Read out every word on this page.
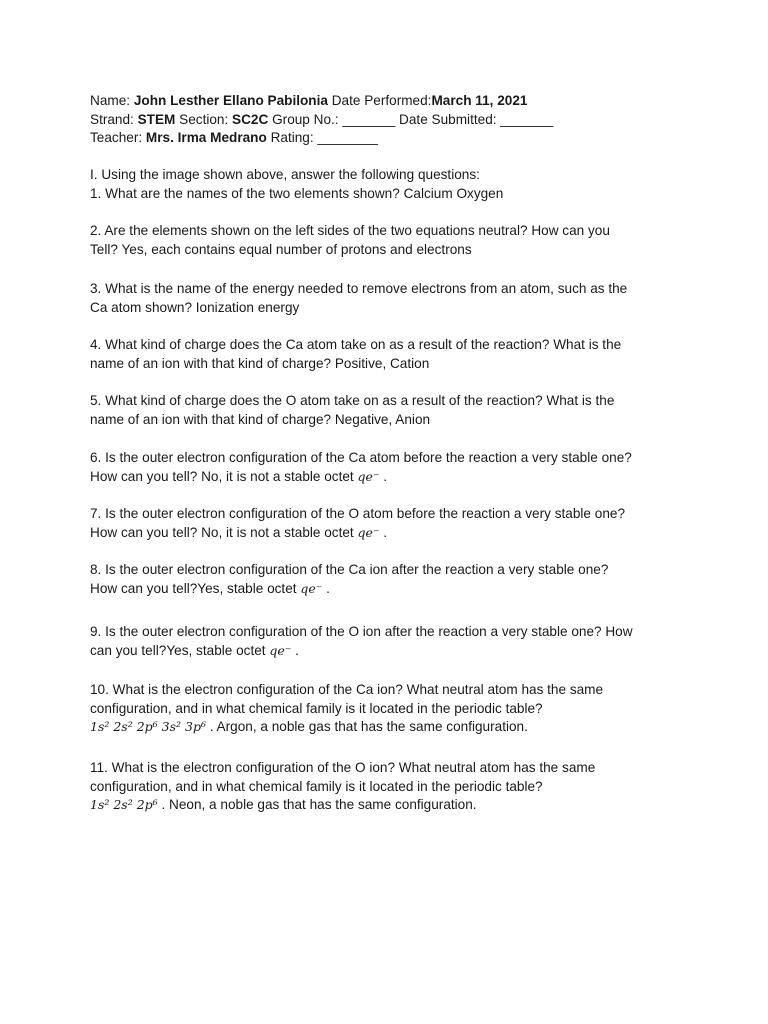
Name: John Lesther Ellano Pabilonia Date Performed:March 11, 2021
Strand: STEM Section: SC2C Group No.: _______ Date Submitted: _______
Teacher: Mrs. Irma Medrano Rating: ________
I. Using the image shown above, answer the following questions:
1. What are the names of the two elements shown? Calcium Oxygen
2. Are the elements shown on the left sides of the two equations neutral? How can you
Tell? Yes, each contains equal number of protons and electrons
3. What is the name of the energy needed to remove electrons from an atom, such as the
Ca atom shown? Ionization energy
4. What kind of charge does the Ca atom take on as a result of the reaction? What is the
name of an ion with that kind of charge? Positive, Cation
5. What kind of charge does the O atom take on as a result of the reaction? What is the
name of an ion with that kind of charge? Negative, Anion
6. Is the outer electron configuration of the Ca atom before the reaction a very stable one?
How can you tell? No, it is not a stable octet qe⁻ .
7. Is the outer electron configuration of the O atom before the reaction a very stable one?
How can you tell? No, it is not a stable octet qe⁻ .
8. Is the outer electron configuration of the Ca ion after the reaction a very stable one?
How can you tell?Yes, stable octet qe⁻ .
9. Is the outer electron configuration of the O ion after the reaction a very stable one? How
can you tell?Yes, stable octet qe⁻ .
10. What is the electron configuration of the Ca ion? What neutral atom has the same
configuration, and in what chemical family is it located in the periodic table?
1s² 2s² 2p⁶ 3s² 3p⁶ . Argon, a noble gas that has the same configuration.
11. What is the electron configuration of the O ion? What neutral atom has the same
configuration, and in what chemical family is it located in the periodic table?
1s² 2s² 2p⁶ . Neon, a noble gas that has the same configuration.
